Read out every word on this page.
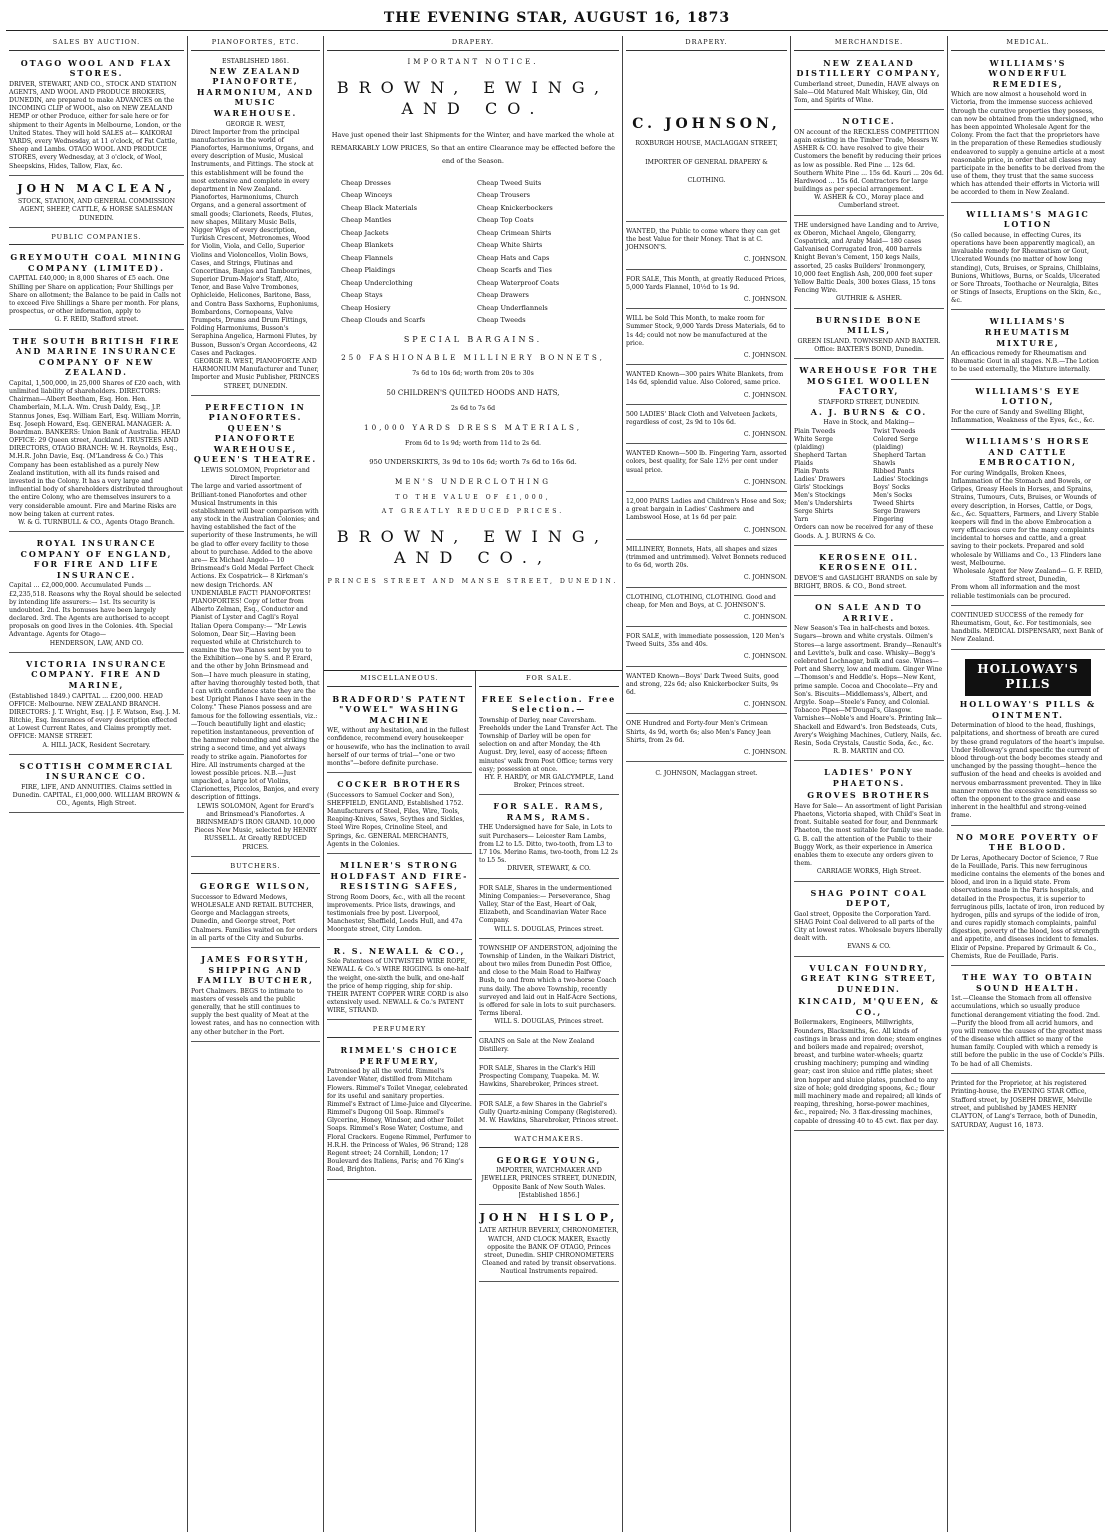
THE EVENING STAR, AUGUST 16, 1873
SALES BY AUCTION.
OTAGO WOOL AND FLAX STORES.

DRIVER, STEWART, AND CO., STOCK AND STATION AGENTS, AND WOOL AND PRODUCE BROKERS, DUNEDIN, are prepared to make ADVANCES on the INCOMING CLIP of WOOL, also on NEW ZEALAND HEMP or other Produce, either for sale here or for shipment to their Agents in Melbourne, London, or the United States. They will hold SALES at— KAIKORAI YARDS, every Wednesday, at 11 o'clock, of Fat Cattle, Sheep and Lambs. OTAGO WOOL AND PRODUCE STORES, every Wednesday, at 3 o'clock, of Wool, Sheepskins, Hides, Tallow, Flax, &c.

JOHN MACLEAN,

STOCK, STATION, AND GENERAL COMMISSION AGENT, SHEEP, CATTLE, & HORSE SALESMAN

DUNEDIN.

PUBLIC COMPANIES.
GREYMOUTH COAL MINING COMPANY (LIMITED).

CAPITAL £40,000; in 8,000 Shares of £5 each. One Shilling per Share on application; Four Shillings per Share on allotment; the Balance to be paid in Calls not to exceed Five Shillings a Share per month. For plans, prospectus, or other information, apply to

G. F. REID, Stafford street.

THE SOUTH BRITISH FIRE AND MARINE INSURANCE COMPANY OF NEW ZEALAND.

Capital, 1,500,000, in 25,000 Shares of £20 each, with unlimited liability of shareholders. DIRECTORS: Chairman—Albert Beetham, Esq. Hon. Hen. Chamberlain, M.L.A. Wm. Crush Daldy, Esq., J.P. Stannus Jones, Esq. William Earl, Esq. William Morrin, Esq. Joseph Howard, Esq. GENERAL MANAGER: A. Boardman. BANKERS: Union Bank of Australia. HEAD OFFICE: 29 Queen street, Auckland. TRUSTEES AND DIRECTORS, OTAGO BRANCH: W. H. Reynolds, Esq., M.H.R. John Davie, Esq. (M'Landress & Co.) This Company has been established as a purely New Zealand institution, with all its funds raised and invested in the Colony. It has a very large and influential body of shareholders distributed throughout the entire Colony, who are themselves insurers to a very considerable amount. Fire and Marine Risks are now being taken at current rates.

W. & G. TURNBULL & CO., Agents Otago Branch.

ROYAL INSURANCE COMPANY OF ENGLAND, FOR FIRE AND LIFE INSURANCE.

Capital ... £2,000,000. Accumulated Funds ... £2,235,518. Reasons why the Royal should be selected by intending life assurers:— 1st. Its security is undoubted. 2nd. Its bonuses have been largely declared. 3rd. The Agents are authorised to accept proposals on good lives in the Colonies. 4th. Special Advantage. Agents for Otago—

HENDERSON, LAW, AND CO.

VICTORIA INSURANCE COMPANY. FIRE AND MARINE,

(Established 1849.) CAPITAL ... £200,000. HEAD OFFICE: Melbourne. NEW ZEALAND BRANCH. DIRECTORS: J. T. Wright, Esq. | J. F. Watson, Esq. J. M. Ritchie, Esq. Insurances of every description effected at Lowest Current Rates, and Claims promptly met. OFFICE: MANSE STREET.

A. HILL JACK, Resident Secretary.

SCOTTISH COMMERCIAL INSURANCE CO.

FIRE, LIFE, AND ANNUITIES. Claims settled in Dunedin. CAPITAL, £1,000,000. WILLIAM BROWN & CO., Agents, High Street.

PIANOFORTES, ETC.

ESTABLISHED 1861.

NEW ZEALAND PIANOFORTE, HARMONIUM, AND MUSIC WAREHOUSE.

GEORGE R. WEST,

Direct Importer from the principal manufactories in the world of Pianofortes, Harmoniums, Organs, and every description of Music, Musical Instruments, and Fittings. The stock at this establishment will be found the most extensive and complete in every department in New Zealand. Pianofortes, Harmoniums, Church Organs, and a general assortment of small goods; Clarionets, Reeds, Flutes, new shapes, Military Music Bells, Nigger Wigs of every description, Turkish Crescent, Metronomes, Wood for Violin, Viola, and Cello, Superior Violins and Violoncellos, Violin Bows, Cases, and Strings, Flutinas and Concertinas, Banjos and Tambourines, Superior Drum-Major's Staff, Alto, Tenor, and Base Valve Trombones, Ophicleide, Helicones, Baritone, Bass, and Contra Bass Saxhorns, Euphoniums, Bombardons, Cornopeans, Valve Trumpets, Drums and Drum Fittings, Folding Harmoniums, Busson's Seraphina Angelica, Harmoni Flutes, by Busson, Busson's Organ Accordeons, 42 Cases and Packages.

GEORGE R. WEST, PIANOFORTE AND HARMONIUM Manufacturer and Tuner, Importer and Music Publisher, PRINCES STREET, DUNEDIN.

PERFECTION IN PIANOFORTES. QUEEN'S PIANOFORTE WAREHOUSE, QUEEN'S THEATRE.

LEWIS SOLOMON, Proprietor and Direct Importer.

The large and varied assortment of Brilliant-toned Pianofortes and other Musical Instruments in this establishment will bear comparison with any stock in the Australian Colonies; and having established the fact of the superiority of these Instruments, he will be glad to offer every facility to those about to purchase. Added to the above are— Ex Michael Angelo— 10 Brinsmead's Gold Medal Perfect Check Actions. Ex Cospatrick— 8 Kirkman's new design Trichords. AN UNDENIABLE FACT! PIANOFORTES! PIANOFORTES! Copy of letter from Alberto Zelman, Esq., Conductor and Pianist of Lyster and Cagli's Royal Italian Opera Company:— "Mr Lewis Solomon, Dear Sir,—Having been requested while at Christchurch to examine the two Pianos sent by you to the Exhibition—one by S. and P. Erard, and the other by John Brinsmead and Son—I have much pleasure in stating, after having thoroughly tested both, that I can with confidence state they are the best Upright Pianos I have seen in the Colony." These Pianos possess and are famous for the following essentials, viz.:—Touch beautifully light and elastic; repetition instantaneous, prevention of the hammer rebounding and striking the string a second time, and yet always ready to strike again. Pianofortes for Hire. All instruments charged at the lowest possible prices. N.B.—Just unpacked, a large lot of Violins, Clarionettes, Piccolos, Banjos, and every description of fittings.

LEWIS SOLOMON, Agent for Erard's and Brinsmead's Pianofortes. A BRINSMEAD'S IRON GRAND. 10,000 Pieces New Music, selected by HENRY RUSSELL. At Greatly REDUCED PRICES.

BUTCHERS.
GEORGE WILSON,

Successor to Edward Medows, WHOLESALE AND RETAIL BUTCHER, George and Maclaggan streets, Dunedin, and George street, Port Chalmers. Families waited on for orders in all parts of the City and Suburbs.

JAMES FORSYTH, SHIPPING AND FAMILY BUTCHER,

Port Chalmers. BEGS to intimate to masters of vessels and the public generally, that he still continues to supply the best quality of Meat at the lowest rates, and has no connection with any other butcher in the Port.

DRAPERY.

IMPORTANT NOTICE.

BROWN, EWING, AND CO.

Have just opened their last Shipments for the Winter, and have marked the whole at REMARKABLY LOW PRICES, So that an entire Clearance may be effected before the end of the Season.

Cheap Dresses
Cheap Winceys
Cheap Black Materials
Cheap Mantles
Cheap Jackets
Cheap Blankets
Cheap Flannels
Cheap Plaidings
Cheap Underclothing
Cheap Stays
Cheap Hosiery
Cheap Clouds and Scarfs
Cheap Tweed Suits
Cheap Trousers
Cheap Knickerbockers
Cheap Top Coats
Cheap Crimean Shirts
Cheap White Shirts
Cheap Hats and Caps
Cheap Scarfs and Ties
Cheap Waterproof Coats
Cheap Drawers
Cheap Underflannels
Cheap Tweeds

SPECIAL BARGAINS.

250 FASHIONABLE MILLINERY BONNETS,

7s 6d to 10s 6d; worth from 20s to 30s

50 CHILDREN'S QUILTED HOODS AND HATS,

2s 6d to 7s 6d

10,000 YARDS DRESS MATERIALS,

From 6d to 1s 9d; worth from 11d to 2s 6d.

950 UNDERSKIRTS, 3s 9d to 10s 6d; worth 7s 6d to 16s 6d.

MEN'S UNDERCLOTHING

TO THE VALUE OF £1,000,

AT GREATLY REDUCED PRICES.

BROWN, EWING, AND CO.,

PRINCES STREET AND MANSE STREET, DUNEDIN.

MISCELLANEOUS.
BRADFORD'S PATENT "VOWEL" WASHING MACHINE

WE, without any hesitation, and in the fullest confidence, recommend every housekeeper or housewife, who has the inclination to avail herself of our terms of trial—"one or two months"—before definite purchase.

COCKER BROTHERS

(Successors to Samuel Cocker and Son), SHEFFIELD, ENGLAND, Established 1752. Manufacturers of Steel, Files, Wire, Tools, Reaping-Knives, Saws, Scythes and Sickles, Steel Wire Ropes, Crinoline Steel, and Springs, &c. GENERAL MERCHANTS, Agents in the Colonies.

MILNER'S STRONG HOLDFAST AND FIRE-RESISTING SAFES,

Strong Room Doors, &c., with all the recent improvements. Price lists, drawings, and testimonials free by post. Liverpool, Manchester, Sheffield, Leeds Hull, and 47a Moorgate street, City London.

R. S. NEWALL & CO.,

Sole Patentees of UNTWISTED WIRE ROPE, NEWALL & Co.'s WIRE RIGGING. Is one-half the weight, one-sixth the bulk, and one-half the price of hemp rigging, ship for ship. THEIR PATENT COPPER WIRE CORD is also extensively used. NEWALL & Co.'s PATENT WIRE, STRAND.

PERFUMERY
RIMMEL'S CHOICE PERFUMERY,

Patronised by all the world. Rimmel's Lavender Water, distilled from Mitcham Flowers. Rimmel's Toilet Vinegar, celebrated for its useful and sanitary properties. Rimmel's Extract of Lime-Juice and Glycerine. Rimmel's Dugong Oil Soap. Rimmel's Glycerine, Honey, Windsor, and other Toilet Soaps. Rimmel's Rose Water, Costume, and Floral Crackers. Eugene Rimmel, Perfumer to H.R.H. the Princess of Wales, 96 Strand; 128 Regent street; 24 Cornhill, London; 17 Boulevard des Italiens, Paris; and 76 King's Road, Brighton.

FOR SALE.
FREE Selection. Free Selection.—

Township of Darley, near Caversham. Freeholds under the Land Transfer Act. The Township of Darley will be open for selection on and after Monday, the 4th August. Dry, level, easy of access; fifteen minutes' walk from Post Office; terms very easy; possession at once.

HY. F. HARDY, or MR GALCYMPLE, Land Broker, Princes street.

FOR SALE. RAMS, RAMS, RAMS.

THE Undersigned have for Sale, in Lots to suit Purchasers— Leicester Ram Lambs, from L2 to L5. Ditto, two-tooth, from L3 to L7 10s. Merino Rams, two-tooth, from L2 2s to L5 5s.

DRIVER, STEWART, & CO.

FOR SALE, Shares in the undermentioned Mining Companies:— Perseverance, Shag Valley, Star of the East, Heart of Oak, Elizabeth, and Scandinavian Water Race Company.

WILL S. DOUGLAS, Princes street.

TOWNSHIP OF ANDERSTON, adjoining the Township of Linden, in the Waikari District, about two miles from Dunedin Post Office, and close to the Main Road to Halfway Bush, to and from which a two-horse Coach runs daily. The above Township, recently surveyed and laid out in Half-Acre Sections, is offered for sale in lots to suit purchasers. Terms liberal.

WILL S. DOUGLAS, Princes street.

GRAINS on Sale at the New Zealand Distillery.

FOR SALE, Shares in the Clark's Hill Prospecting Company, Tuapeka. M. W. Hawkins, Sharebroker, Princes street.

FOR SALE, a few Shares in the Gabriel's Gully Quartz-mining Company (Registered). M. W. Hawkins, Sharebroker, Princes street.

WATCHMAKERS.
GEORGE YOUNG,

IMPORTER, WATCHMAKER AND JEWELLER, PRINCES STREET, DUNEDIN, Opposite Bank of New South Wales. [Established 1856.]

JOHN HISLOP,

LATE ARTHUR BEVERLY, CHRONOMETER, WATCH, AND CLOCK MAKER, Exactly opposite the BANK OF OTAGO, Princes street, Dunedin. SHIP CHRONOMETERS Cleaned and rated by transit observations. Nautical Instruments repaired.

DRAPERY.
C. JOHNSON,

ROXBURGH HOUSE, MACLAGGAN STREET, IMPORTER OF GENERAL DRAPERY & CLOTHING.

WANTED, the Public to come where they can get the best Value for their Money. That is at C. JOHNSON'S.

C. JOHNSON.

FOR SALE, This Month, at greatly Reduced Prices, 5,000 Yards Flannel, 10½d to 1s 9d.

C. JOHNSON.

WILL be Sold This Month, to make room for Summer Stock, 9,000 Yards Dress Materials, 6d to 1s 4d; could not now be manufactured at the price.

C. JOHNSON.

WANTED Known—300 pairs White Blankets, from 14s 6d, splendid value. Also Colored, same price.

C. JOHNSON.

500 LADIES' Black Cloth and Velveteen Jackets, regardless of cost, 2s 9d to 10s 6d.

C. JOHNSON.

WANTED Known—500 lb. Fingering Yarn, assorted colors, best quality, for Sale 12½ per cent under usual price.

C. JOHNSON.

12,000 PAIRS Ladies and Children's Hose and Sox; a great bargain in Ladies' Cashmere and Lambswool Hose, at 1s 6d per pair.

C. JOHNSON.

MILLINERY, Bonnets, Hats, all shapes and sizes (trimmed and untrimmed). Velvet Bonnets reduced to 6s 6d, worth 20s.

C. JOHNSON.

CLOTHING, CLOTHING, CLOTHING. Good and cheap, for Men and Boys, at C. JOHNSON'S.

C. JOHNSON.

FOR SALE, with immediate possession, 120 Men's Tweed Suits, 35s and 40s.

C. JOHNSON.

WANTED Known—Boys' Dark Tweed Suits, good and strong, 22s 6d; also Knickerbocker Suits, 9s 6d.

C. JOHNSON.

ONE Hundred and Forty-four Men's Crimean Shirts, 4s 9d, worth 6s; also Men's Fancy Jean Shirts, from 2s 6d.

C. JOHNSON.

C. JOHNSON, Maclaggan street.

MERCHANDISE.
NEW ZEALAND DISTILLERY COMPANY,

Cumberland street, Dunedin, HAVE always on Sale—Old Matured Malt Whiskey, Gin, Old Tom, and Spirits of Wine.

NOTICE.

ON account of the RECKLESS COMPETITION again existing in the Timber Trade, Messrs W. ASHER & CO. have resolved to give their Customers the benefit by reducing their prices as low as possible. Red Pine ... 12s 6d. Southern White Pine ... 15s 6d. Kauri ... 20s 6d. Hardwood ... 15s 6d. Contractors for large buildings as per special arrangement.

W. ASHER & CO., Moray place and Cumberland street.

THE undersigned have Landing and to Arrive, ex Oberon, Michael Angelo, Glengarry, Cospatrick, and Araby Maid— 180 cases Galvanised Corrugated Iron, 400 barrels Knight Bevan's Cement, 150 kegs Nails, assorted, 25 casks Builders' Ironmongery, 10,000 feet English Ash, 200,000 feet super Yellow Baltic Deals, 300 boxes Glass, 15 tons Fencing Wire.

GUTHRIE & ASHER.

BURNSIDE BONE MILLS,

GREEN ISLAND. TOWNSEND AND BAXTER. Office: BAXTER'S BOND, Dunedin.

WAREHOUSE FOR THE MOSGIEL WOOLLEN FACTORY,

STAFFORD STREET, DUNEDIN.

A. J. BURNS & CO.

Have in Stock, and Making—

Plain Tweeds
White Serge (plaiding)
Shepherd Tartan Plaids
Plain Pants
Ladies' Drawers
Girls' Stockings
Men's Stockings
Men's Undershirts
Serge Shirts
Yarn
Twist Tweeds
Colored Serge (plaiding)
Shepherd Tartan Shawls
Ribbed Pants
Ladies' Stockings
Boys' Socks
Men's Socks
Tweed Shirts
Serge Drawers
Fingering

Orders can now be received for any of these Goods. A. J. BURNS & Co.

KEROSENE OIL. KEROSENE OIL.

DEVOE'S and GASLIGHT BRANDS on sale by BRIGHT, BROS. & CO., Bond street.

ON SALE AND TO ARRIVE.

New Season's Tea in half-chests and boxes. Sugars—brown and white crystals. Oilmen's Stores—a large assortment. Brandy—Renault's and Levitte's, bulk and case. Whisky—Begg's celebrated Lochnagar, bulk and case. Wines—Port and Sherry, low and medium. Ginger Wine—Thomson's and Heddle's. Hops—New Kent, prime sample. Cocoa and Chocolate—Fry and Son's. Biscuits—Middlemass's, Albert, and Argyle. Soap—Steele's Fancy, and Colonial. Tobacco Pipes—M'Dougal's, Glasgow. Varnishes—Noble's and Hoare's. Printing Ink—Shackell and Edward's. Iron Bedsteads, Cuts, Avery's Weighing Machines, Cutlery, Nails, &c. Resin, Soda Crystals, Caustic Soda, &c., &c.

R. B. MARTIN and CO.

LADIES' PONY PHAETONS.
GROVES BROTHERS

Have for Sale— An assortment of light Parisian Phaetons, Victoria shaped, with Child's Seat in front. Suitable seated for four, and Dennmark Phaeton, the most suitable for family use made. G. B. call the attention of the Public to their Buggy Work, as their experience in America enables them to execute any orders given to them.

CARRIAGE WORKS, High Street.

SHAG POINT COAL DEPOT,

Gaol street, Opposite the Corporation Yard. SHAG Point Coal delivered to all parts of the City at lowest rates. Wholesale buyers liberally dealt with.

EVANS & CO.

VULCAN FOUNDRY, GREAT KING STREET, DUNEDIN.
KINCAID, M'QUEEN, & CO.,

Boilermakers, Engineers, Millwrights, Founders, Blacksmiths, &c. All kinds of castings in brass and iron done; steam engines and boilers made and repaired; overshot, breast, and turbine water-wheels; quartz crushing machinery; pumping and winding gear; cast iron sluice and riffle plates; sheet iron hopper and sluice plates, punched to any size of hole; gold dredging spoons, &c.; flour mill machinery made and repaired; all kinds of reaping, threshing, horse-power machines, &c., repaired; No. 3 flax-dressing machines, capable of dressing 40 to 45 cwt. flax per day.

MEDICAL.
WILLIAMS'S WONDERFUL REMEDIES,

Which are now almost a household word in Victoria, from the immense success achieved through the curative properties they possess, can now be obtained from the undersigned, who has been appointed Wholesale Agent for the Colony. From the fact that the proprietors have in the preparation of these Remedies studiously endeavored to supply a genuine article at a most reasonable price, in order that all classes may participate in the benefits to be derived from the use of them, they trust that the same success which has attended their efforts in Victoria will be accorded to them in New Zealand.

WILLIAMS'S MAGIC LOTION

(So called because, in effecting Cures, its operations have been apparently magical), an invaluable remedy for Rheumatism or Gout, Ulcerated Wounds (no matter of how long standing), Cuts, Bruises, or Sprains, Chilblains, Bunions, Whitlows, Burns, or Scalds, Ulcerated or Sore Throats, Toothache or Neuralgia, Bites or Stings of Insects, Eruptions on the Skin, &c., &c.

WILLIAMS'S RHEUMATISM MIXTURE,

An efficacious remedy for Rheumatism and Rheumatic Gout in all stages. N.B.—The Lotion to be used externally, the Mixture internally.

WILLIAMS'S EYE LOTION,

For the cure of Sandy and Swelling Blight, Inflammation, Weakness of the Eyes, &c., &c.

WILLIAMS'S HORSE AND CATTLE EMBROCATION,

For curing Windgalls, Broken Knees, Inflammation of the Stomach and Bowels, or Gripes, Greasy Heels in Horses, and Sprains, Strains, Tumours, Cuts, Bruises, or Wounds of every description, in Horses, Cattle, or Dogs, &c., &c. Squatters, Farmers, and Livery Stable keepers will find in the above Embrocation a very efficacious cure for the many complaints incidental to horses and cattle, and a great saving to their pockets. Prepared and sold wholesale by Williams and Co., 13 Flinders lane west, Melbourne.

Wholesale Agent for New Zealand— G. F. REID, Stafford street, Dunedin,

From whom all information and the most reliable testimonials can be procured.

CONTINUED SUCCESS of the remedy for Rheumatism, Gout, &c. For testimonials, see handbills. MEDICAL DISPENSARY, next Bank of New Zealand.

HOLLOWAY'S PILLS
HOLLOWAY'S PILLS & OINTMENT.

Determination of blood to the head, flushings, palpitations, and shortness of breath are cured by these grand regulators of the heart's impulse. Under Holloway's grand specific the current of blood through-out the body becomes steady and unchanged by the passing thought—hence the suffusion of the head and cheeks is avoided and nervous embarrassment prevented. They in like manner remove the excessive sensitiveness so often the opponent to the grace and ease inherent in the healthful and strong-veined frame.

NO MORE POVERTY OF THE BLOOD.

Dr Leras, Apothecary Doctor of Science, 7 Rue de la Feuillade, Paris. This new ferruginous medicine contains the elements of the bones and blood, and iron in a liquid state. From observations made in the Paris hospitals, and detailed in the Prospectus, it is superior to ferruginous pills, lactate of iron, iron reduced by hydrogen, pills and syrups of the iodide of iron, and cures rapidly stomach complaints, painful digestion, poverty of the blood, loss of strength and appetite, and diseases incident to females. Elixir of Pepsine. Prepared by Grimault & Co., Chemists, Rue de Feuillade, Paris.

THE WAY TO OBTAIN SOUND HEALTH.

1st.—Cleanse the Stomach from all offensive accumulations, which so usually produce functional derangement vitiating the food. 2nd.—Purify the blood from all acrid humors, and you will remove the causes of the greatest mass of the disease which afflict so many of the human family. Coupled with which a remedy is still before the public in the use of Cockle's Pills. To be had of all Chemists.

Printed for the Proprietor, at his registered Printing-house, the EVENING STAR Office, Stafford street, by JOSEPH DREWE, Melville street, and published by JAMES HENRY CLAYTON, of Lang's Terrace, both of Dunedin, SATURDAY, August 16, 1873.
